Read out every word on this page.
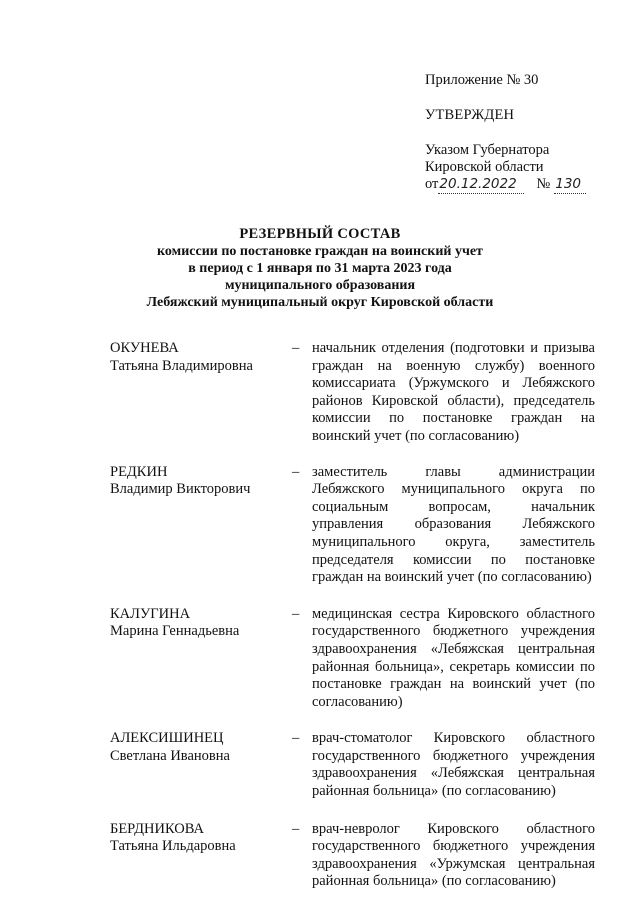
Приложение № 30
УТВЕРЖДЕН
Указом Губернатора
Кировской области
от 20.12.2022	№ 130
РЕЗЕРВНЫЙ СОСТАВ
комиссии по постановке граждан на воинский учет
в период с 1 января по 31 марта 2023 года
муниципального образования
Лебяжский муниципальный округ Кировской области
ОКУНЕВА
Татьяна Владимировна
– начальник отделения (подготовки и призыва граждан на военную службу) военного комиссариата (Уржумского и Лебяжского районов Кировской области), председатель комиссии по постановке граждан на воинский учет (по согласованию)
РЕДКИН
Владимир Викторович
– заместитель главы администрации Лебяжского муниципального округа по социальным вопросам, начальник управления образования Лебяжского муниципального округа, заместитель председателя комиссии по постановке граждан на воинский учет (по согласованию)
КАЛУГИНА
Марина Геннадьевна
– медицинская сестра Кировского областного государственного бюджетного учреждения здравоохранения «Лебяжская центральная районная больница», секретарь комиссии по постановке граждан на воинский учет (по согласованию)
АЛЕКСИШИНЕЦ
Светлана Ивановна
– врач-стоматолог Кировского областного государственного бюджетного учреждения здравоохранения «Лебяжская центральная районная больница» (по согласованию)
БЕРДНИКОВА
Татьяна Ильдаровна
– врач-невролог Кировского областного государственного бюджетного учреждения здравоохранения «Уржумская центральная районная больница» (по согласованию)
